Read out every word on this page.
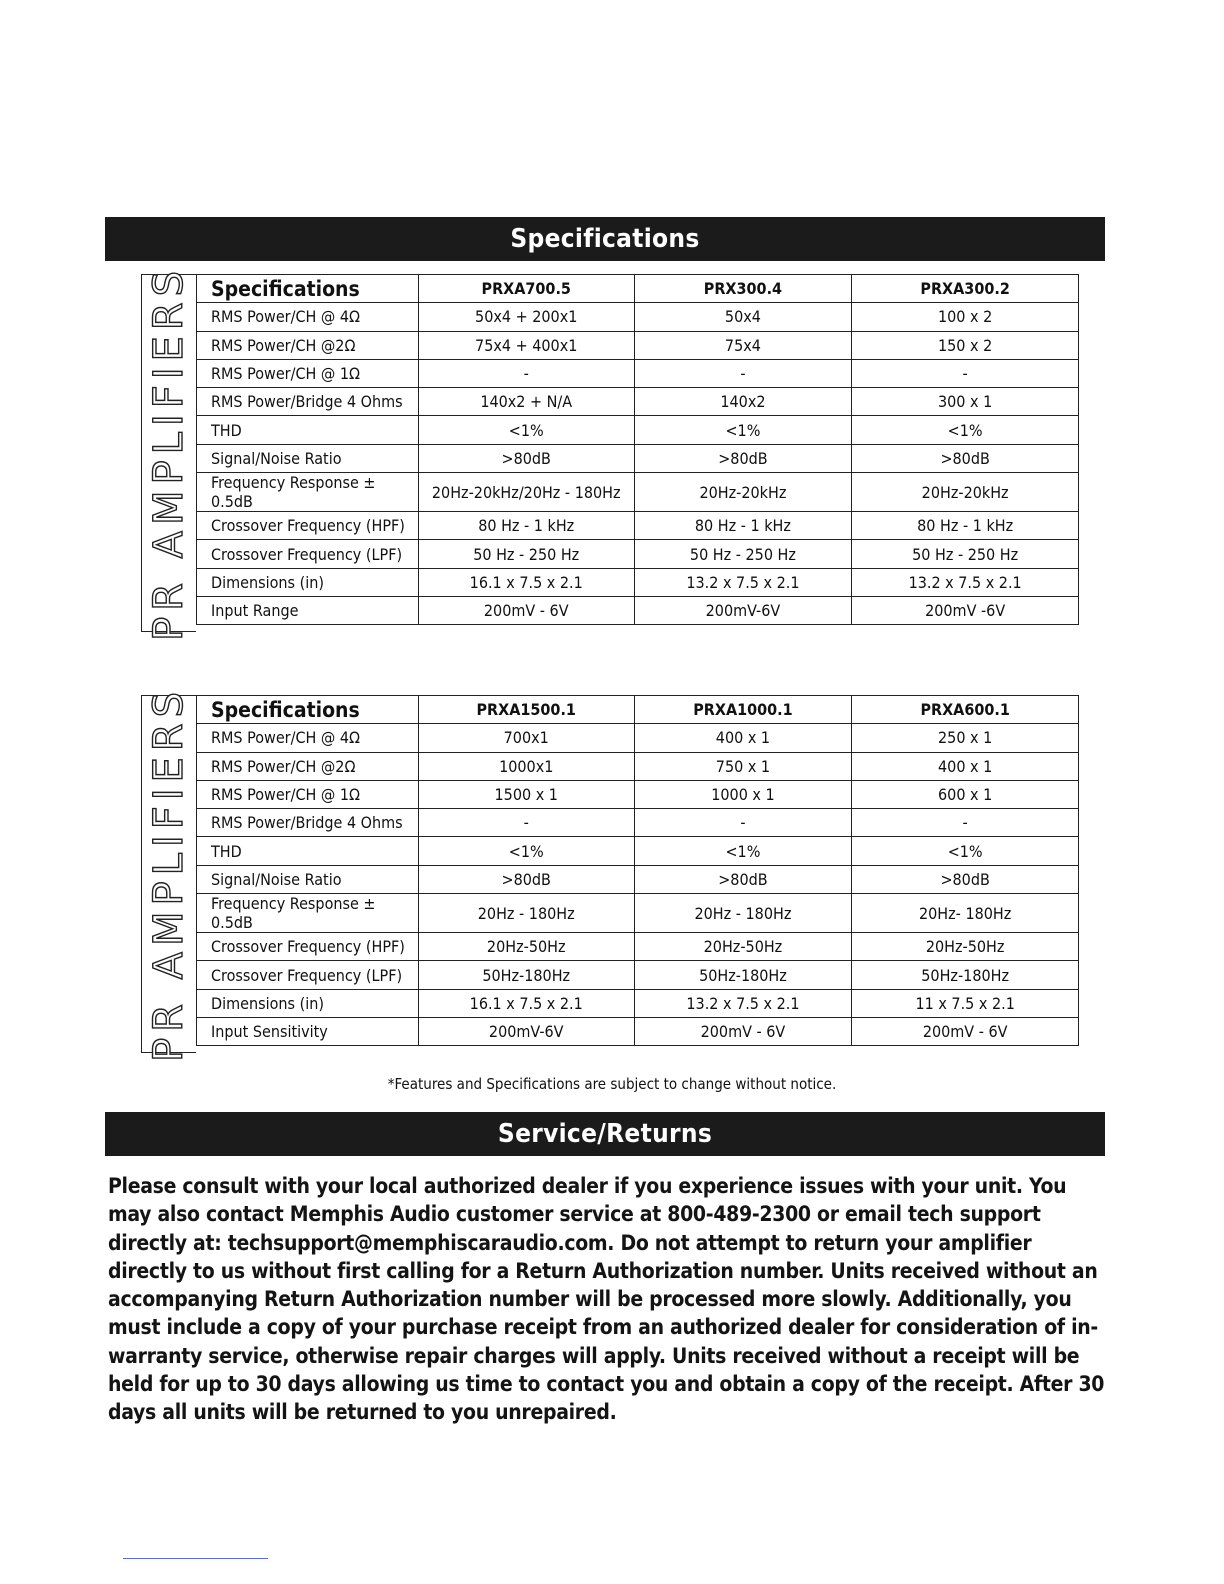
Specifications
PR AMPLIFIERS Specifications	PRXA700.5	PRX300.4	PRXA300.2
RMS Power/CH @ 4Ω	50x4 + 200x1	50x4	100 x 2
RMS Power/CH @2Ω	75x4 + 400x1	75x4	150 x 2
RMS Power/CH @ 1Ω	-	-	-
RMS Power/Bridge 4 Ohms	140x2 + N/A	140x2	300 x 1
THD	<1%	<1%	<1%
Signal/Noise Ratio	>80dB	>80dB	>80dB
Frequency Response ± 0.5dB	20Hz-20kHz/20Hz - 180Hz	20Hz-20kHz	20Hz-20kHz
Crossover Frequency (HPF)	80 Hz - 1 kHz	80 Hz - 1 kHz	80 Hz - 1 kHz
Crossover Frequency (LPF)	50 Hz - 250 Hz	50 Hz - 250 Hz	50 Hz - 250 Hz
Dimensions (in)	16.1 x 7.5 x 2.1	13.2 x 7.5 x 2.1	13.2 x 7.5 x 2.1
Input Range	200mV - 6V	200mV-6V	200mV -6V
PR AMPLIFIERS Specifications	PRXA1500.1	PRXA1000.1	PRXA600.1
RMS Power/CH @ 4Ω	700x1	400 x 1	250 x 1
RMS Power/CH @2Ω	1000x1	750 x 1	400 x 1
RMS Power/CH @ 1Ω	1500 x 1	1000 x 1	600 x 1
RMS Power/Bridge 4 Ohms	-	-	-
THD	<1%	<1%	<1%
Signal/Noise Ratio	>80dB	>80dB	>80dB
Frequency Response ± 0.5dB	20Hz - 180Hz	20Hz - 180Hz	20Hz- 180Hz
Crossover Frequency (HPF)	20Hz-50Hz	20Hz-50Hz	20Hz-50Hz
Crossover Frequency (LPF)	50Hz-180Hz	50Hz-180Hz	50Hz-180Hz
Dimensions (in)	16.1 x 7.5 x 2.1	13.2 x 7.5 x 2.1	11 x 7.5 x 2.1
Input Sensitivity	200mV-6V	200mV - 6V	200mV - 6V
*Features and Specifications are subject to change without notice.
Service/Returns
Please consult with your local authorized dealer if you experience issues with your unit. You may also contact Memphis Audio customer service at 800-489-2300 or email tech support directly at: techsupport@memphiscaraudio.com. Do not attempt to return your amplifier directly to us without first calling for a Return Authorization number. Units received without an accompanying Return Authorization number will be processed more slowly. Additionally, you must include a copy of your purchase receipt from an authorized dealer for consideration of in-warranty service, otherwise repair charges will apply. Units received without a receipt will be held for up to 30 days allowing us time to contact you and obtain a copy of the receipt. After 30 days all units will be returned to you unrepaired.
